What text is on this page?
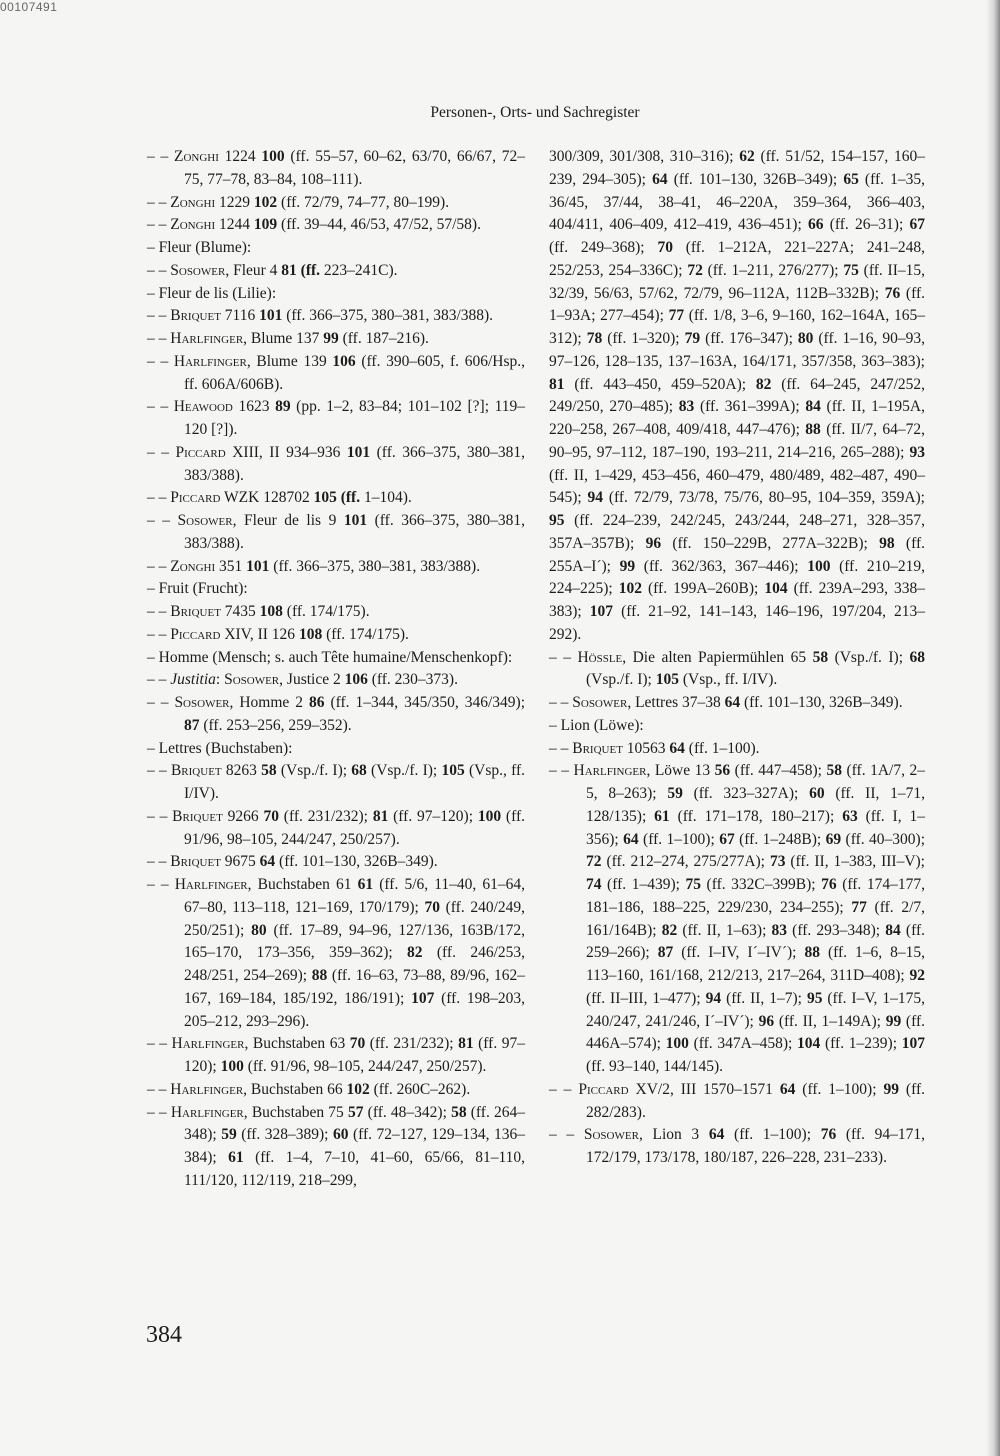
00107491
Personen-, Orts- und Sachregister
– – Zonghi 1224 100 (ff. 55–57, 60–62, 63/70, 66/67, 72–75, 77–78, 83–84, 108–111).
– – Zonghi 1229 102 (ff. 72/79, 74–77, 80–199).
– – Zonghi 1244 109 (ff. 39–44, 46/53, 47/52, 57/58).
– Fleur (Blume):
– – Sosower, Fleur 4 81 (ff. 223–241C).
– Fleur de lis (Lilie):
– – Briquet 7116 101 (ff. 366–375, 380–381, 383/388).
– – Harlfinger, Blume 137 99 (ff. 187–216).
– – Harlfinger, Blume 139 106 (ff. 390–605, f. 606/Hsp., ff. 606A/606B).
– – Heawood 1623 89 (pp. 1–2, 83–84; 101–102 [?]; 119–120 [?]).
– – Piccard XIII, II 934–936 101 (ff. 366–375, 380–381, 383/388).
– – Piccard WZK 128702 105 (ff. 1–104).
– – Sosower, Fleur de lis 9 101 (ff. 366–375, 380–381, 383/388).
– – Zonghi 351 101 (ff. 366–375, 380–381, 383/388).
– Fruit (Frucht):
– – Briquet 7435 108 (ff. 174/175).
– – Piccard XIV, II 126 108 (ff. 174/175).
– Homme (Mensch; s. auch Tête humaine/Menschenkopf):
– – Justitia: Sosower, Justice 2 106 (ff. 230–373).
– – Sosower, Homme 2 86 (ff. 1–344, 345/350, 346/349); 87 (ff. 253–256, 259–352).
– Lettres (Buchstaben):
– – Briquet 8263 58 (Vsp./f. I); 68 (Vsp./f. I); 105 (Vsp., ff. I/IV).
– – Briquet 9266 70 (ff. 231/232); 81 (ff. 97–120); 100 (ff. 91/96, 98–105, 244/247, 250/257).
– – Briquet 9675 64 (ff. 101–130, 326B–349).
– – Harlfinger, Buchstaben 61 61 (ff. 5/6, 11–40, 61–64, 67–80, 113–118, 121–169, 170/179); 70 (ff. 240/249, 250/251); 80 (ff. 17–89, 94–96, 127/136, 163B/172, 165–170, 173–356, 359–362); 82 (ff. 246/253, 248/251, 254–269); 88 (ff. 16–63, 73–88, 89/96, 162–167, 169–184, 185/192, 186/191); 107 (ff. 198–203, 205–212, 293–296).
– – Harlfinger, Buchstaben 63 70 (ff. 231/232); 81 (ff. 97–120); 100 (ff. 91/96, 98–105, 244/247, 250/257).
– – Harlfinger, Buchstaben 66 102 (ff. 260C–262).
– – Harlfinger, Buchstaben 75 57 (ff. 48–342); 58 (ff. 264–348); 59 (ff. 328–389); 60 (ff. 72–127, 129–134, 136–384); 61 (ff. 1–4, 7–10, 41–60, 65/66, 81–110, 111/120, 112/119, 218–299,
300/309, 301/308, 310–316); 62 (ff. 51/52, 154–157, 160–239, 294–305); 64 (ff. 101–130, 326B–349); 65 (ff. 1–35, 36/45, 37/44, 38–41, 46–220A, 359–364, 366–403, 404/411, 406–409, 412–419, 436–451); 66 (ff. 26–31); 67 (ff. 249–368); 70 (ff. 1–212A, 221–227A; 241–248, 252/253, 254–336C); 72 (ff. 1–211, 276/277); 75 (ff. II–15, 32/39, 56/63, 57/62, 72/79, 96–112A, 112B–332B); 76 (ff. 1–93A; 277–454); 77 (ff. 1/8, 3–6, 9–160, 162–164A, 165–312); 78 (ff. 1–320); 79 (ff. 176–347); 80 (ff. 1–16, 90–93, 97–126, 128–135, 137–163A, 164/171, 357/358, 363–383); 81 (ff. 443–450, 459–520A); 82 (ff. 64–245, 247/252, 249/250, 270–485); 83 (ff. 361–399A); 84 (ff. II, 1–195A, 220–258, 267–408, 409/418, 447–476); 88 (ff. II/7, 64–72, 90–95, 97–112, 187–190, 193–211, 214–216, 265–288); 93 (ff. II, 1–429, 453–456, 460–479, 480/489, 482–487, 490–545); 94 (ff. 72/79, 73/78, 75/76, 80–95, 104–359, 359A); 95 (ff. 224–239, 242/245, 243/244, 248–271, 328–357, 357A–357B); 96 (ff. 150–229B, 277A–322B); 98 (ff. 255A–I´); 99 (ff. 362/363, 367–446); 100 (ff. 210–219, 224–225); 102 (ff. 199A–260B); 104 (ff. 239A–293, 338–383); 107 (ff. 21–92, 141–143, 146–196, 197/204, 213–292).
– – Hössle, Die alten Papiermühlen 65 58 (Vsp./f. I); 68 (Vsp./f. I); 105 (Vsp., ff. I/IV).
– – Sosower, Lettres 37–38 64 (ff. 101–130, 326B–349).
– Lion (Löwe):
– – Briquet 10563 64 (ff. 1–100).
– – Harlfinger, Löwe 13 56 (ff. 447–458); 58 (ff. 1A/7, 2–5, 8–263); 59 (ff. 323–327A); 60 (ff. II, 1–71, 128/135); 61 (ff. 171–178, 180–217); 63 (ff. I, 1–356); 64 (ff. 1–100); 67 (ff. 1–248B); 69 (ff. 40–300); 72 (ff. 212–274, 275/277A); 73 (ff. II, 1–383, III–V); 74 (ff. 1–439); 75 (ff. 332C–399B); 76 (ff. 174–177, 181–186, 188–225, 229/230, 234–255); 77 (ff. 2/7, 161/164B); 82 (ff. II, 1–63); 83 (ff. 293–348); 84 (ff. 259–266); 87 (ff. I–IV, I´–IV´); 88 (ff. 1–6, 8–15, 113–160, 161/168, 212/213, 217–264, 311D–408); 92 (ff. II–III, 1–477); 94 (ff. II, 1–7); 95 (ff. I–V, 1–175, 240/247, 241/246, I´–IV´); 96 (ff. II, 1–149A); 99 (ff. 446A–574); 100 (ff. 347A–458); 104 (ff. 1–239); 107 (ff. 93–140, 144/145).
– – Piccard XV/2, III 1570–1571 64 (ff. 1–100); 99 (ff. 282/283).
– – Sosower, Lion 3 64 (ff. 1–100); 76 (ff. 94–171, 172/179, 173/178, 180/187, 226–228, 231–233).
384
